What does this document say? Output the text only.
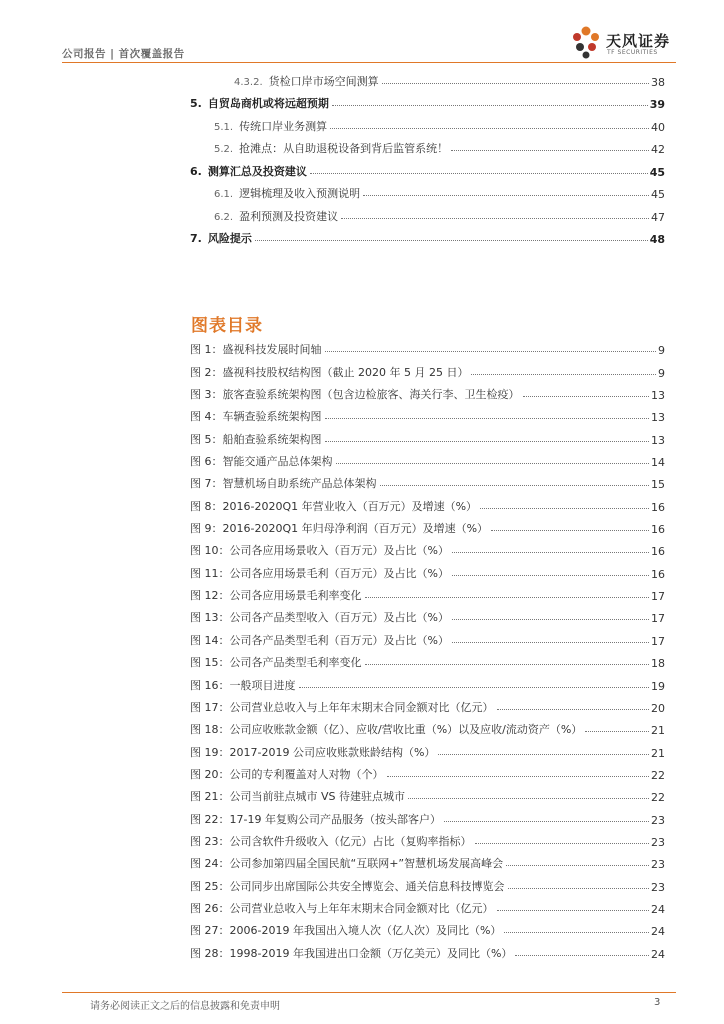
公司报告 | 首次覆盖报告
天风证券
TF SECURITIES
4.3.2. 货检口岸市场空间测算	38
5. 自贸岛商机或将远超预期	39
5.1. 传统口岸业务测算	40
5.2. 抢滩点：从自助退税设备到背后监管系统！	42
6. 测算汇总及投资建议	45
6.1. 逻辑梳理及收入预测说明	45
6.2. 盈利预测及投资建议	47
7. 风险提示	48
图表目录
图 1：盛视科技发展时间轴	9
图 2：盛视科技股权结构图（截止 2020 年 5 月 25 日）	9
图 3：旅客查验系统架构图（包含边检旅客、海关行李、卫生检疫）	13
图 4：车辆查验系统架构图	13
图 5：船舶查验系统架构图	13
图 6：智能交通产品总体架构	14
图 7：智慧机场自助系统产品总体架构	15
图 8：2016-2020Q1 年营业收入（百万元）及增速（%）	16
图 9：2016-2020Q1 年归母净利润（百万元）及增速（%）	16
图 10：公司各应用场景收入（百万元）及占比（%）	16
图 11：公司各应用场景毛利（百万元）及占比（%）	16
图 12：公司各应用场景毛利率变化	17
图 13：公司各产品类型收入（百万元）及占比（%）	17
图 14：公司各产品类型毛利（百万元）及占比（%）	17
图 15：公司各产品类型毛利率变化	18
图 16：一般项目进度	19
图 17：公司营业总收入与上年年末期末合同金额对比（亿元）	20
图 18：公司应收账款金额（亿）、应收/营收比重（%）以及应收/流动资产（%）	21
图 19：2017-2019 公司应收账款账龄结构（%）	21
图 20：公司的专利覆盖对人对物（个）	22
图 21：公司当前驻点城市 VS 待建驻点城市	22
图 22：17-19 年复购公司产品服务（按头部客户）	23
图 23：公司含软件升级收入（亿元）占比（复购率指标）	23
图 24：公司参加第四届全国民航“互联网+”智慧机场发展高峰会	23
图 25：公司同步出席国际公共安全博览会、通关信息科技博览会	23
图 26：公司营业总收入与上年年末期末合同金额对比（亿元）	24
图 27：2006-2019 年我国出入境人次（亿人次）及同比（%）	24
图 28：1998-2019 年我国进出口金额（万亿美元）及同比（%）	24
请务必阅读正文之后的信息披露和免责申明	3
